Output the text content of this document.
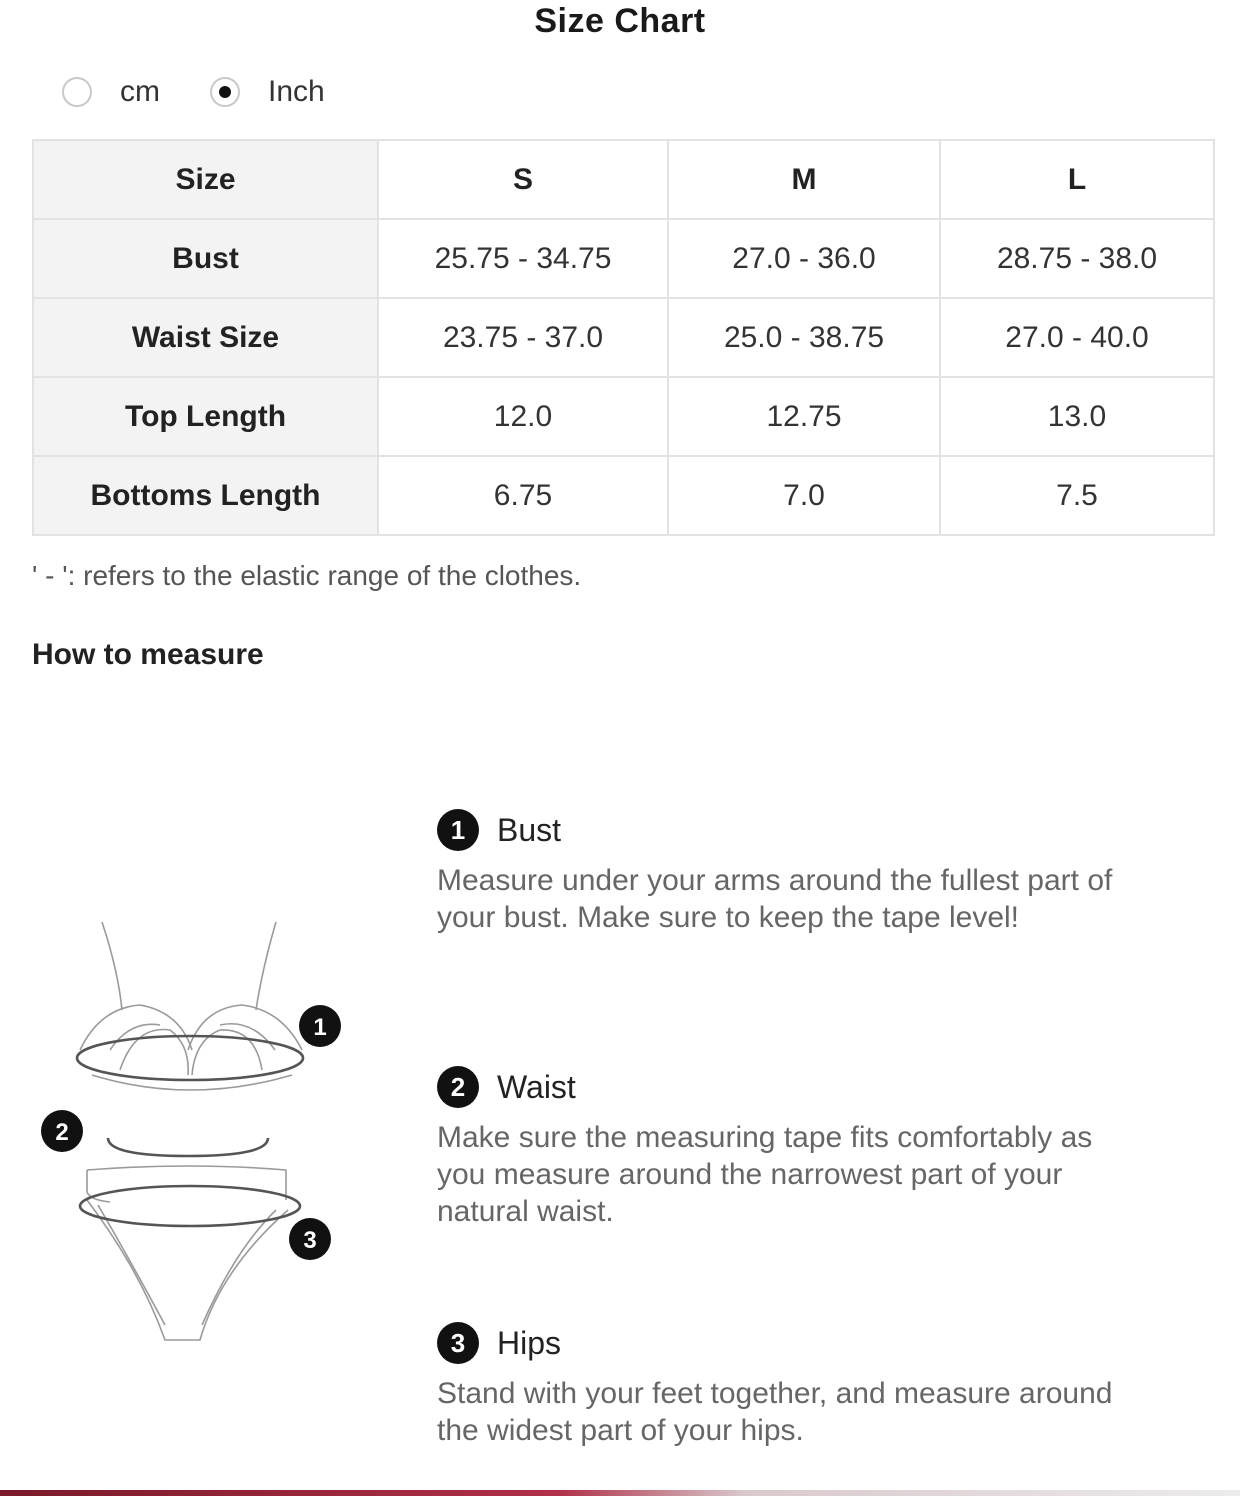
Size Chart
cm	Inch
Size	S	M	L
Bust	25.75 - 34.75	27.0 - 36.0	28.75 - 38.0
Waist Size	23.75 - 37.0	25.0 - 38.75	27.0 - 40.0
Top Length	12.0	12.75	13.0
Bottoms Length	6.75	7.0	7.5
' - ': refers to the elastic range of the clothes.
How to measure
1
2
3
1 Bust
Measure under your arms around the fullest part of your bust. Make sure to keep the tape level!
2 Waist
Make sure the measuring tape fits comfortably as you measure around the narrowest part of your natural waist.
3 Hips
Stand with your feet together, and measure around the widest part of your hips.
